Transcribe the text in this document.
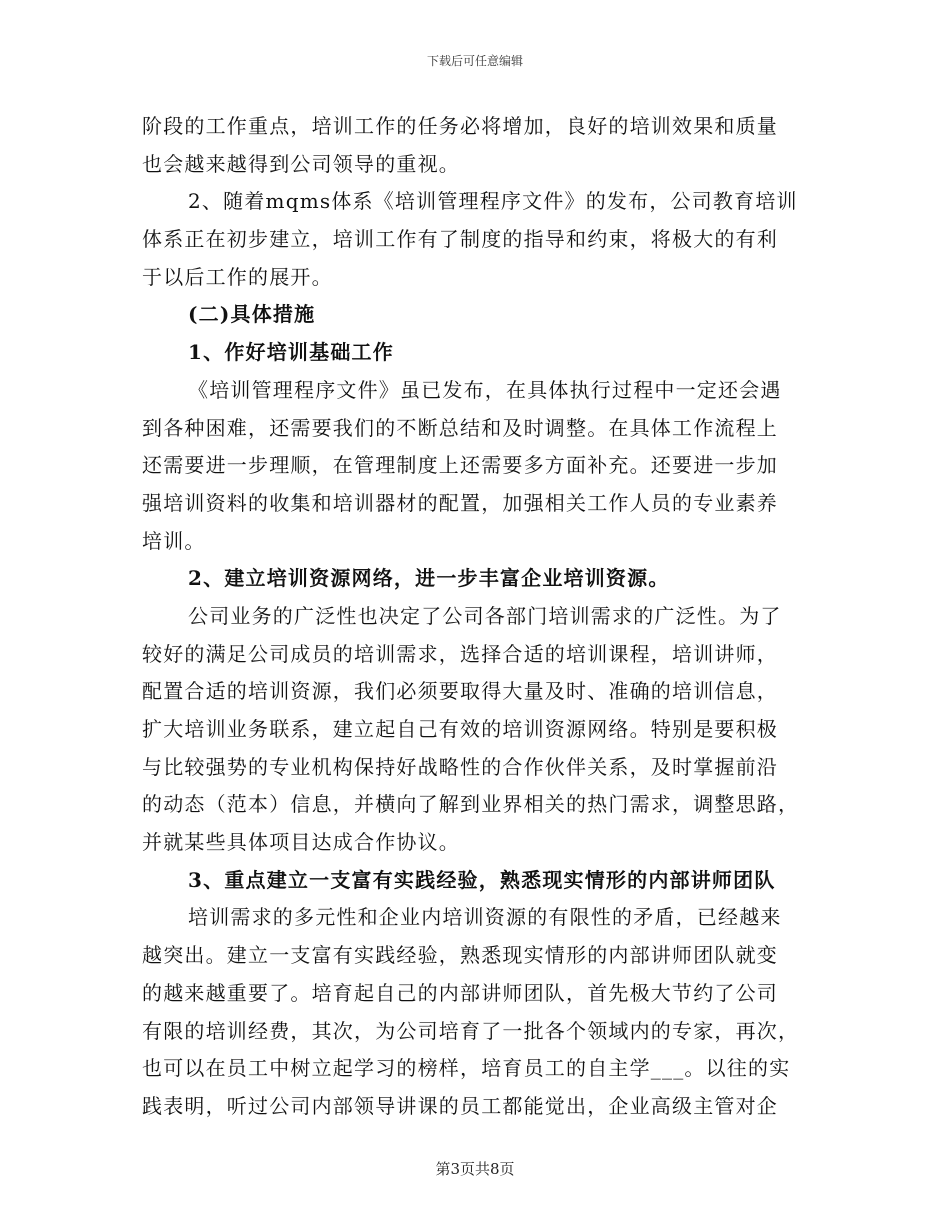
下载后可任意编辑
阶段的工作重点，培训工作的任务必将增加，良好的培训效果和质量
也会越来越得到公司领导的重视。
2、随着mqms体系《培训管理程序文件》的发布，公司教育培训
体系正在初步建立，培训工作有了制度的指导和约束，将极大的有利
于以后工作的展开。
(二)具体措施
1、作好培训基础工作
《培训管理程序文件》虽已发布，在具体执行过程中一定还会遇
到各种困难，还需要我们的不断总结和及时调整。在具体工作流程上
还需要进一步理顺，在管理制度上还需要多方面补充。还要进一步加
强培训资料的收集和培训器材的配置，加强相关工作人员的专业素养
培训。
2、建立培训资源网络，进一步丰富企业培训资源。
公司业务的广泛性也决定了公司各部门培训需求的广泛性。为了
较好的满足公司成员的培训需求，选择合适的培训课程，培训讲师，
配置合适的培训资源，我们必须要取得大量及时、准确的培训信息，
扩大培训业务联系，建立起自己有效的培训资源网络。特别是要积极
与比较强势的专业机构保持好战略性的合作伙伴关系，及时掌握前沿
的动态（范本）信息，并横向了解到业界相关的热门需求，调整思路，
并就某些具体项目达成合作协议。
3、重点建立一支富有实践经验，熟悉现实情形的内部讲师团队
培训需求的多元性和企业内培训资源的有限性的矛盾，已经越来
越突出。建立一支富有实践经验，熟悉现实情形的内部讲师团队就变
的越来越重要了。培育起自己的内部讲师团队，首先极大节约了公司
有限的培训经费，其次，为公司培育了一批各个领域内的专家，再次，
也可以在员工中树立起学习的榜样，培育员工的自主学___。以往的实
践表明，听过公司内部领导讲课的员工都能觉出，企业高级主管对企
第3页共8页
